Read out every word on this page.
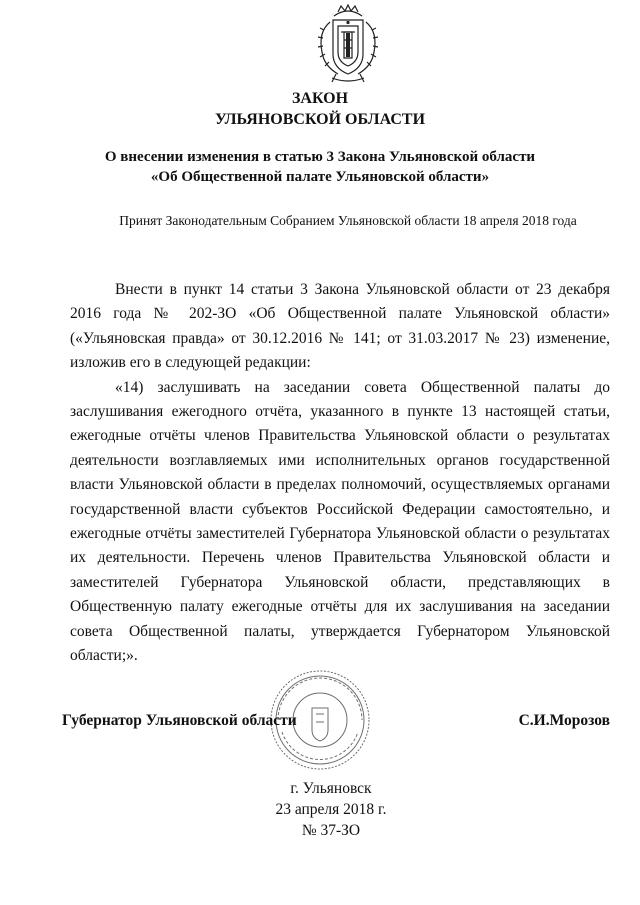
ЗАКОН
УЛЬЯНОВСКОЙ ОБЛАСТИ
О внесении изменения в статью 3 Закона Ульяновской области
«Об Общественной палате Ульяновской области»
Принят Законодательным Собранием Ульяновской области 18 апреля 2018 года

Внести в пункт 14 статьи 3 Закона Ульяновской области от 23 декабря 2016 года № 202-ЗО «Об Общественной палате Ульяновской области» («Ульяновская правда» от 30.12.2016 № 141; от 31.03.2017 № 23) изменение, изложив его в следующей редакции:

«14) заслушивать на заседании совета Общественной палаты до заслушивания ежегодного отчёта, указанного в пункте 13 настоящей статьи, ежегодные отчёты членов Правительства Ульяновской области о результатах деятельности возглавляемых ими исполнительных органов государственной власти Ульяновской области в пределах полномочий, осуществляемых органами государственной власти субъектов Российской Федерации самостоятельно, и ежегодные отчёты заместителей Губернатора Ульяновской области о результатах их деятельности. Перечень членов Правительства Ульяновской области и заместителей Губернатора Ульяновской области, представляющих в Общественную палату ежегодные отчёты для их заслушивания на заседании совета Общественной палаты, утверждается Губернатором Ульяновской области;».

Губернатор Ульяновской области	С.И.Морозов
г. Ульяновск
23 апреля 2018 г.
№ 37-ЗО
